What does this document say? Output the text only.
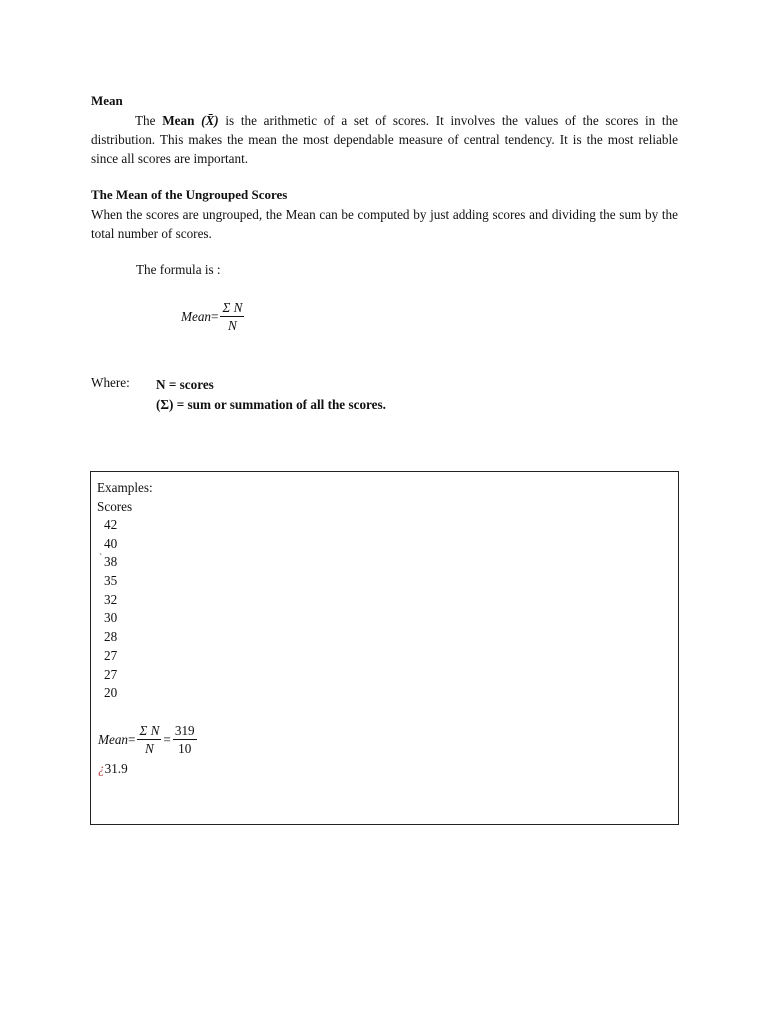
Mean
The Mean (X̄) is the arithmetic of a set of scores. It involves the values of the scores in the distribution. This makes the mean the most dependable measure of central tendency. It is the most reliable since all scores are important.
The Mean of the Ungrouped Scores
When the scores are ungrouped, the Mean can be computed by just adding scores and dividing the sum by the total number of scores.
The formula is :
Mean = $\frac{\text{Σ N}}{N}$
Where: N = scores
(Σ) = sum or summation of all the scores.
Examples:
Scores
`
42
40
38
35
32
30
28
27
27
20
Mean = $\frac{\text{Σ N}}{N} = \frac{319}{10}$
¿31.9
